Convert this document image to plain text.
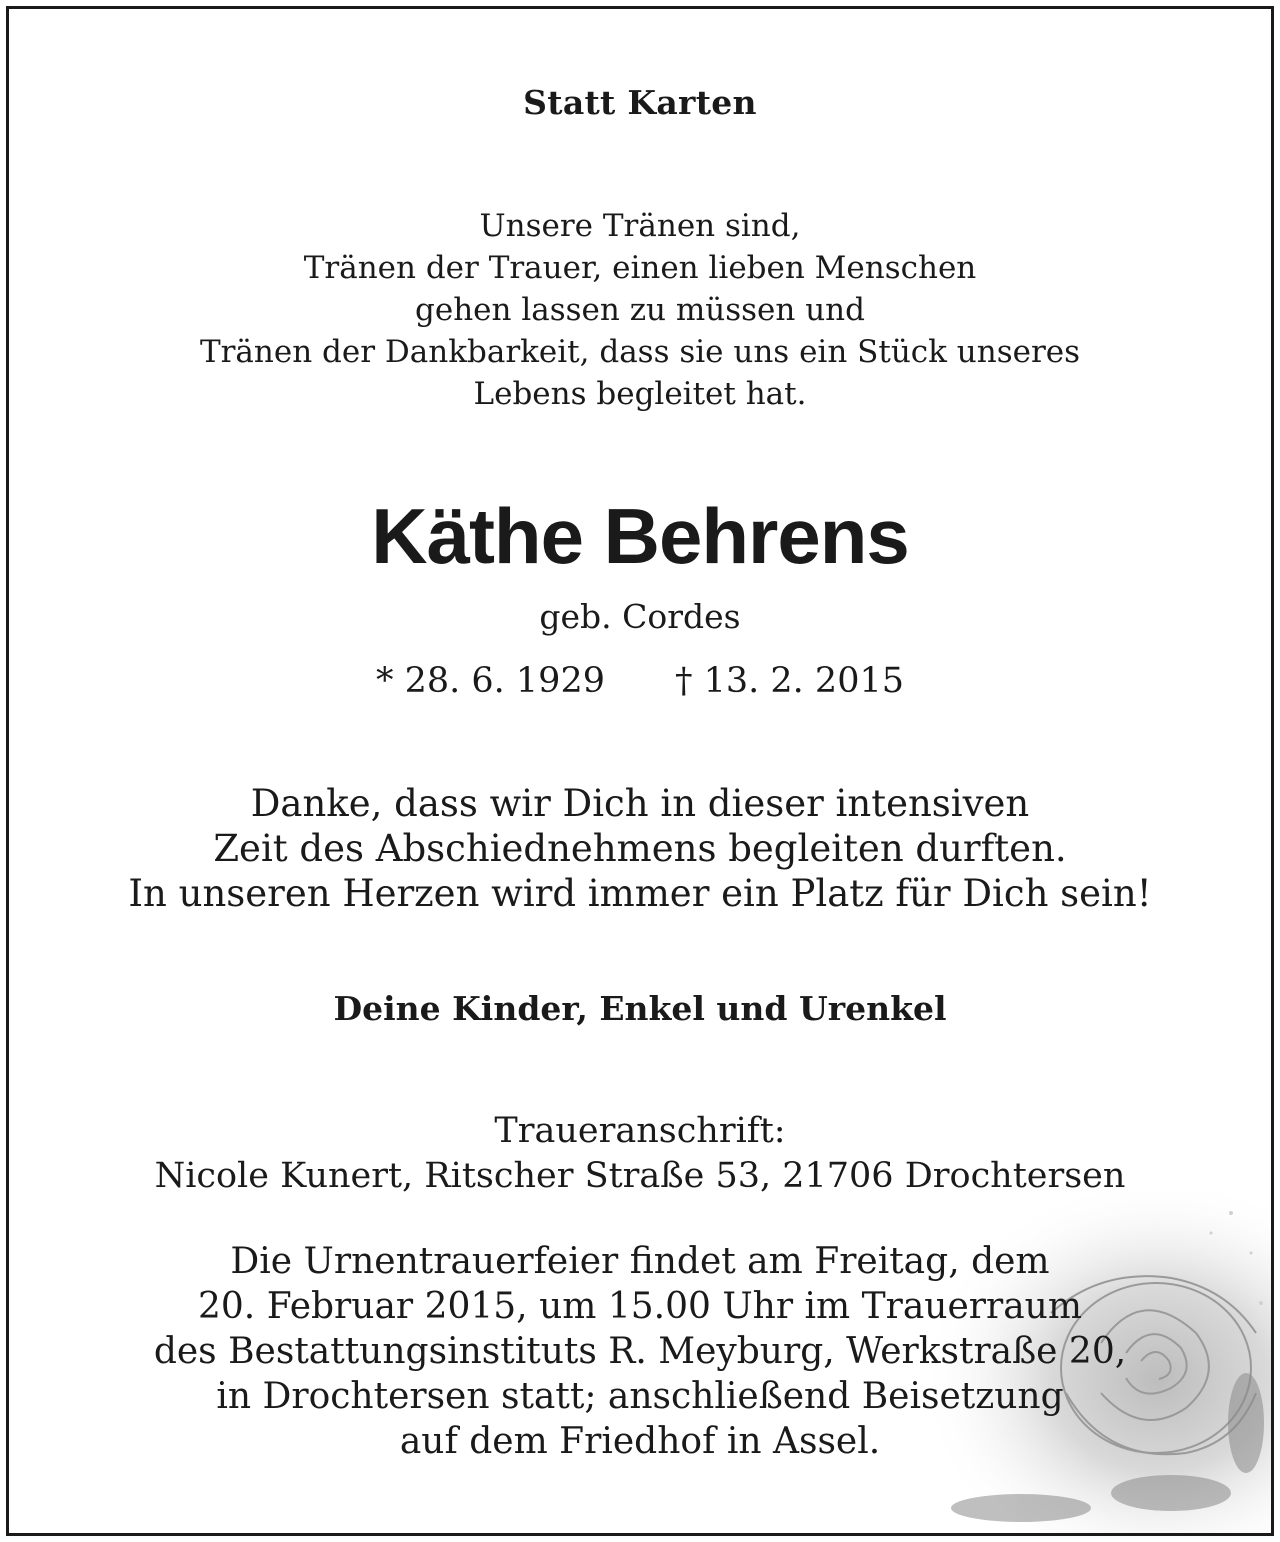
Statt Karten
Unsere Tränen sind,
Tränen der Trauer, einen lieben Menschen
gehen lassen zu müssen und
Tränen der Dankbarkeit, dass sie uns ein Stück unseres
Lebens begleitet hat.
Käthe Behrens
geb. Cordes
* 28. 6. 1929 † 13. 2. 2015
Danke, dass wir Dich in dieser intensiven
Zeit des Abschiednehmens begleiten durften.
In unseren Herzen wird immer ein Platz für Dich sein!
Deine Kinder, Enkel und Urenkel
Traueranschrift:
Nicole Kunert, Ritscher Straße 53, 21706 Drochtersen
Die Urnentrauerfeier findet am Freitag, dem
20. Februar 2015, um 15.00 Uhr im Trauerraum
des Bestattungsinstituts R. Meyburg, Werkstraße 20,
in Drochtersen statt; anschließend Beisetzung
auf dem Friedhof in Assel.
